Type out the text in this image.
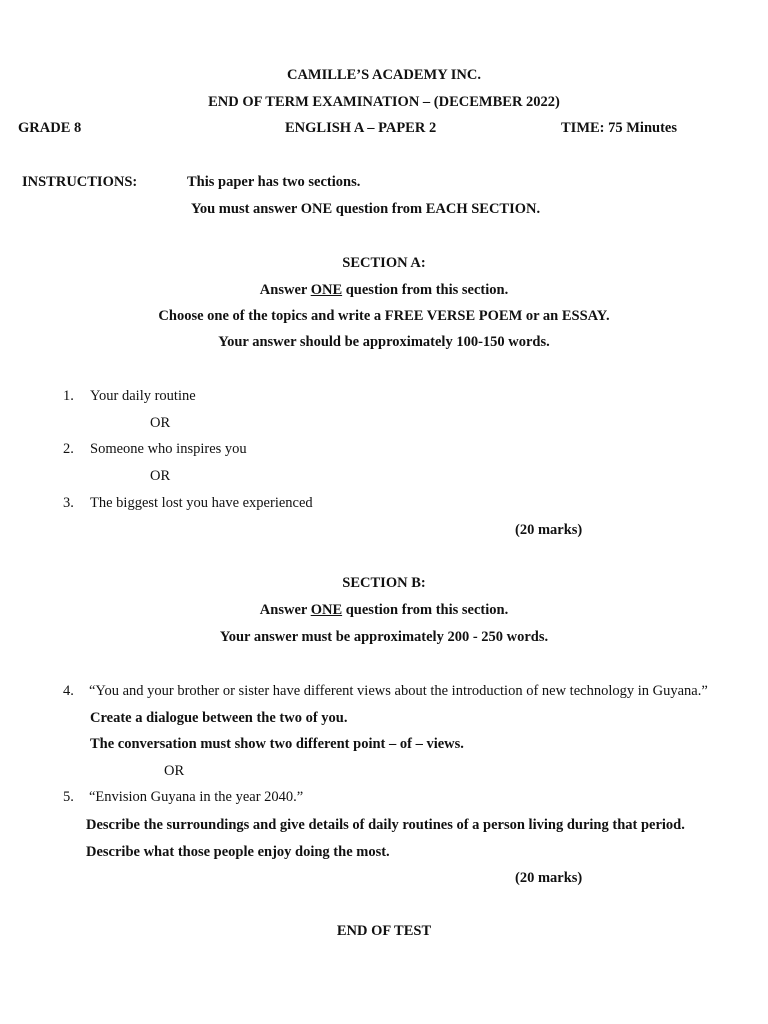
CAMILLE’S ACADEMY INC.
END OF TERM EXAMINATION – (DECEMBER 2022)
GRADE 8	ENGLISH A – PAPER 2	TIME: 75 Minutes
INSTRUCTIONS:	This paper has two sections.
You must answer ONE question from EACH SECTION.
SECTION A:
Answer ONE question from this section.
Choose one of the topics and write a FREE VERSE POEM or an ESSAY.
Your answer should be approximately 100-150 words.
1. Your daily routine
OR
2. Someone who inspires you
OR
3. The biggest lost you have experienced
(20 marks)
SECTION B:
Answer ONE question from this section.
Your answer must be approximately 200 - 250 words.
4. “You and your brother or sister have different views about the introduction of new technology in Guyana.”
Create a dialogue between the two of you.
The conversation must show two different point – of – views.
OR
5. “Envision Guyana in the year 2040.”
Describe the surroundings and give details of daily routines of a person living during that period.
Describe what those people enjoy doing the most.
(20 marks)
END OF TEST
